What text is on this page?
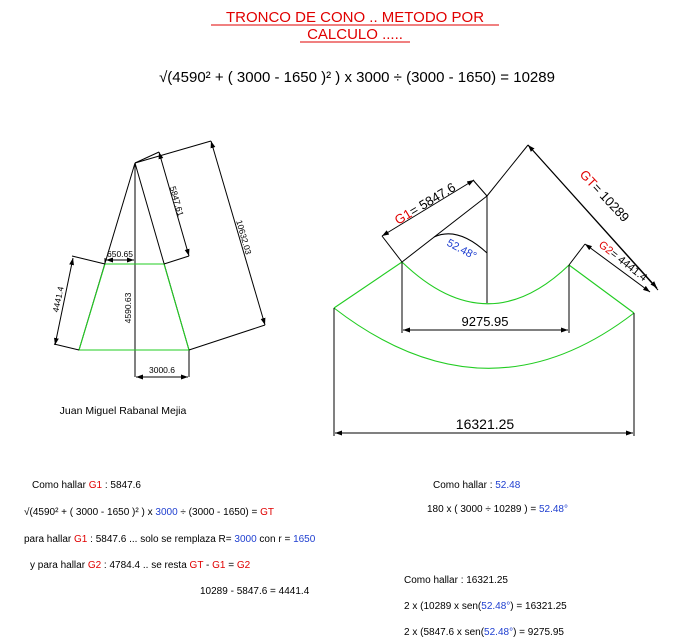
TRONCO DE CONO .. METODO POR
CALCULO .....
√(4590² + ( 3000 - 1650 )² ) x 3000 ÷ (3000 - 1650) = 10289
650.65
5847.61
10632.03
4441.4	4590.63
3000.6
Juan Miguel Rabanal Mejia
G1= 5847.6
GT= 10289
G2= 4441.4
52.48°
9275.95
16321.25
Como hallar G1 : 5847.6
√(4590² + ( 3000 - 1650 )² ) x 3000 ÷ (3000 - 1650) = GT
para hallar G1 : 5847.6 ... solo se remplaza R= 3000 con r = 1650
y para hallar G2 : 4784.4 .. se resta GT - G1 = G2
10289 - 5847.6 = 4441.4
Como hallar : 52.48
180 x ( 3000 ÷ 10289 ) = 52.48°
Como hallar : 16321.25
2 x (10289 x sen(52.48°) = 16321.25
2 x (5847.6 x sen(52.48°) = 9275.95
